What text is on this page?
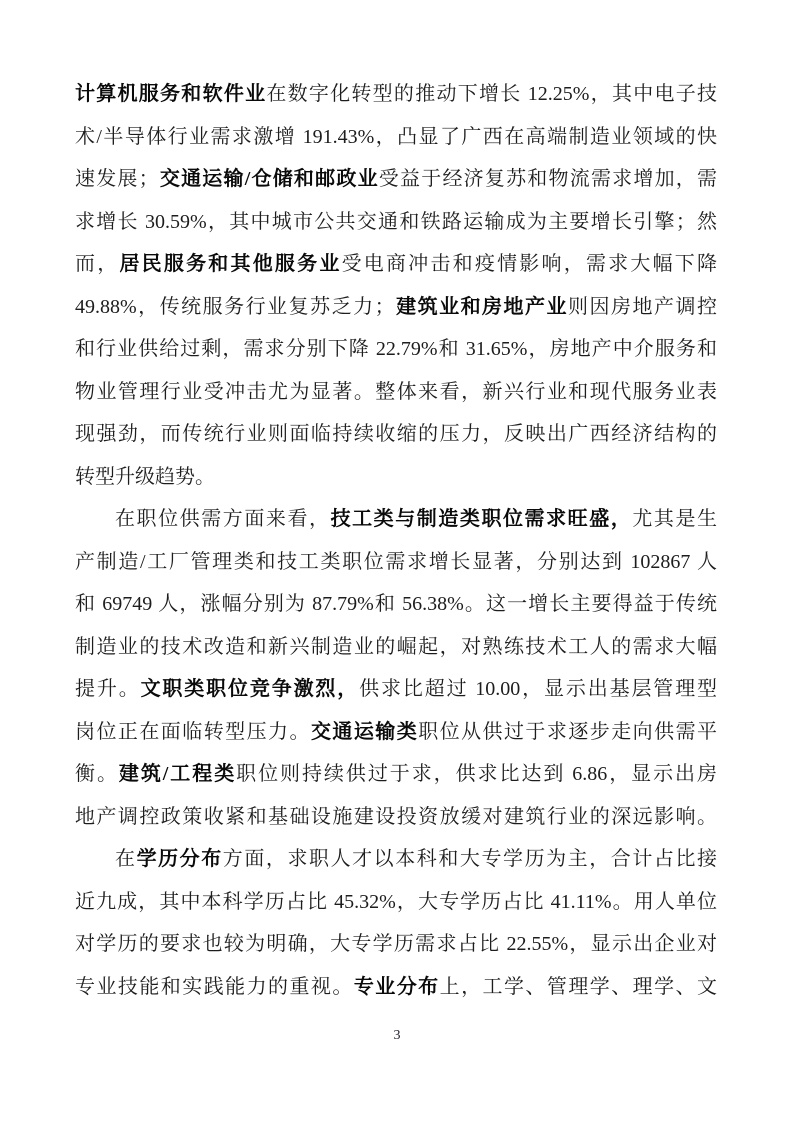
计算机服务和软件业在数字化转型的推动下增长 12.25%，其中电子技
术/半导体行业需求激增 191.43%，凸显了广西在高端制造业领域的快
速发展；交通运输/仓储和邮政业受益于经济复苏和物流需求增加，需
求增长 30.59%，其中城市公共交通和铁路运输成为主要增长引擎；然
而，居民服务和其他服务业受电商冲击和疫情影响，需求大幅下降
49.88%，传统服务行业复苏乏力；建筑业和房地产业则因房地产调控
和行业供给过剩，需求分别下降 22.79%和 31.65%，房地产中介服务和
物业管理行业受冲击尤为显著。整体来看，新兴行业和现代服务业表
现强劲，而传统行业则面临持续收缩的压力，反映出广西经济结构的
转型升级趋势。
在职位供需方面来看，技工类与制造类职位需求旺盛，尤其是生
产制造/工厂管理类和技工类职位需求增长显著，分别达到 102867 人
和 69749 人，涨幅分别为 87.79%和 56.38%。这一增长主要得益于传统
制造业的技术改造和新兴制造业的崛起，对熟练技术工人的需求大幅
提升。文职类职位竞争激烈，供求比超过 10.00，显示出基层管理型
岗位正在面临转型压力。交通运输类职位从供过于求逐步走向供需平
衡。建筑/工程类职位则持续供过于求，供求比达到 6.86，显示出房
地产调控政策收紧和基础设施建设投资放缓对建筑行业的深远影响。
在学历分布方面，求职人才以本科和大专学历为主，合计占比接
近九成，其中本科学历占比 45.32%，大专学历占比 41.11%。用人单位
对学历的要求也较为明确，大专学历需求占比 22.55%，显示出企业对
专业技能和实践能力的重视。专业分布上，工学、管理学、理学、文
3
